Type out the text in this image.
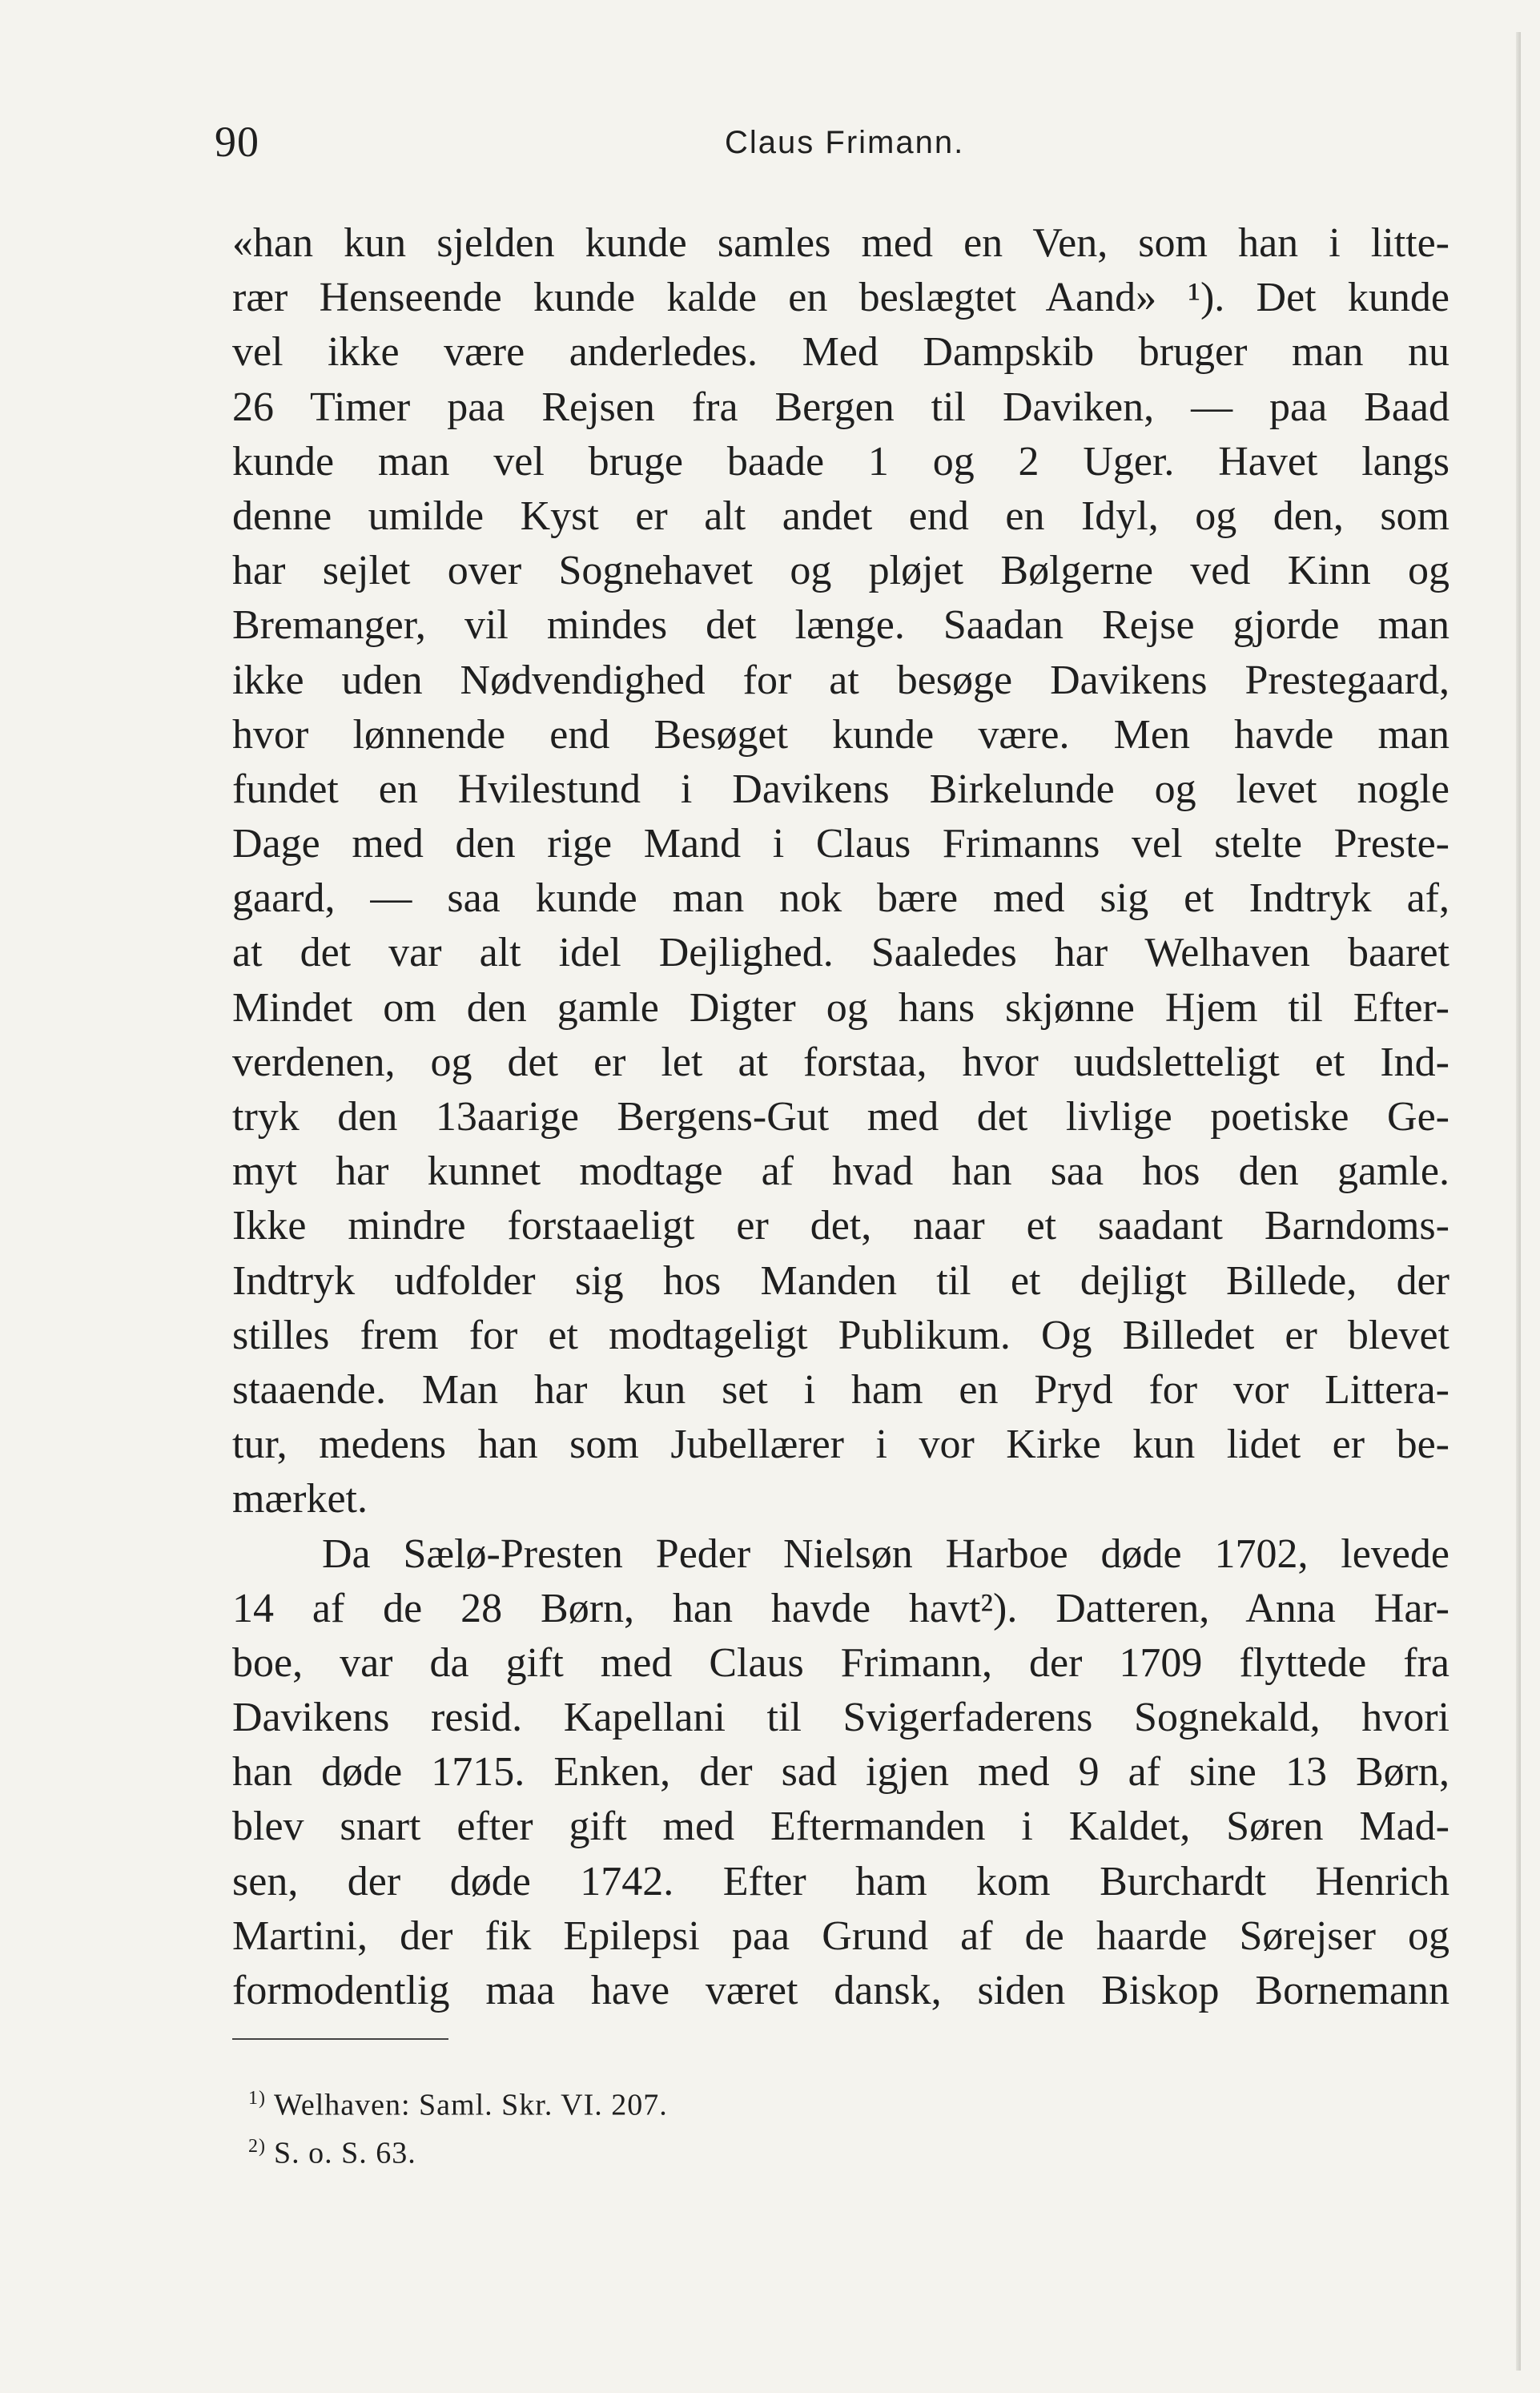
90	Claus Frimann.
«han kun sjelden kunde samles med en Ven, som han i litte-
rær Henseende kunde kalde en beslægtet Aand» ¹). Det kunde
vel ikke være anderledes. Med Dampskib bruger man nu
26 Timer paa Rejsen fra Bergen til Daviken, — paa Baad
kunde man vel bruge baade 1 og 2 Uger. Havet langs
denne umilde Kyst er alt andet end en Idyl, og den, som
har sejlet over Sognehavet og pløjet Bølgerne ved Kinn og
Bremanger, vil mindes det længe. Saadan Rejse gjorde man
ikke uden Nødvendighed for at besøge Davikens Prestegaard,
hvor lønnende end Besøget kunde være. Men havde man
fundet en Hvilestund i Davikens Birkelunde og levet nogle
Dage med den rige Mand i Claus Frimanns vel stelte Preste-
gaard, — saa kunde man nok bære med sig et Indtryk af,
at det var alt idel Dejlighed. Saaledes har Welhaven baaret
Mindet om den gamle Digter og hans skjønne Hjem til Efter-
verdenen, og det er let at forstaa, hvor uudsletteligt et Ind-
tryk den 13aarige Bergens-Gut med det livlige poetiske Ge-
myt har kunnet modtage af hvad han saa hos den gamle.
Ikke mindre forstaaeligt er det, naar et saadant Barndoms-
Indtryk udfolder sig hos Manden til et dejligt Billede, der
stilles frem for et modtageligt Publikum. Og Billedet er blevet
staaende. Man har kun set i ham en Pryd for vor Littera-
tur, medens han som Jubellærer i vor Kirke kun lidet er be-
mærket.
Da Sælø-Presten Peder Nielsøn Harboe døde 1702, levede
14 af de 28 Børn, han havde havt²). Datteren, Anna Har-
boe, var da gift med Claus Frimann, der 1709 flyttede fra
Davikens resid. Kapellani til Svigerfaderens Sognekald, hvori
han døde 1715. Enken, der sad igjen med 9 af sine 13 Børn,
blev snart efter gift med Eftermanden i Kaldet, Søren Mad-
sen, der døde 1742. Efter ham kom Burchardt Henrich
Martini, der fik Epilepsi paa Grund af de haarde Sørejser og
formodentlig maa have været dansk, siden Biskop Bornemann
$^{1)}$ Welhaven: Saml. Skr. VI. 207.
$^{2)}$ S. o. S. 63.
